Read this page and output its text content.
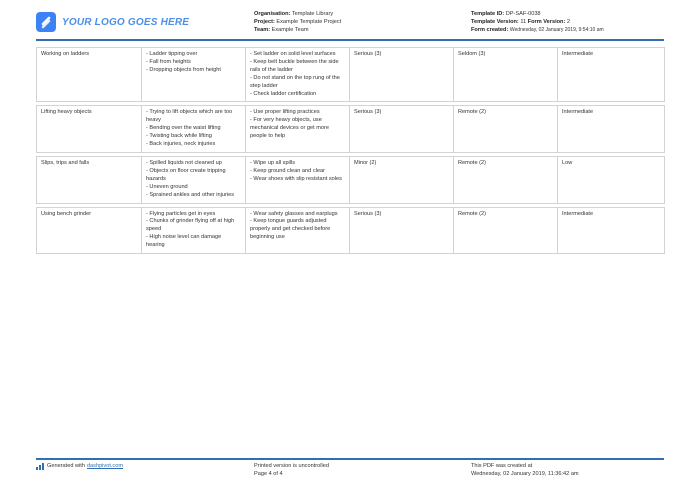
YOUR LOGO GOES HERE
Organisation: Template Library
Project: Example Template Project
Team: Example Team
Template ID: DP-SAF-0038
Template Version: 11 Form Version: 2
Form created: Wednesday, 02 January 2019, 9:54:10 am
Working on ladders	- Ladder tipping over
- Fall from heights
- Dropping objects from height	- Set ladder on solid level surfaces
- Keep belt buckle between the side rails of the ladder
- Do not stand on the top rung of the step ladder
- Check ladder certification	Serious (3)	Seldom (3)	Intermediate

Lifting heavy objects	- Trying to lift objects which are too heavy
- Bending over the waist lifting
- Twisting back while lifting
- Back injuries, neck injuries	- Use proper lifting practices
- For very heavy objects, use mechanical devices or get more people to help	Serious (3)	Remote (2)	Intermediate

Slips, trips and falls	- Spilled liquids not cleaned up
- Objects on floor create tripping hazards
- Uneven ground
- Sprained ankles and other injuries	- Wipe up all spills
- Keep ground clean and clear
- Wear shoes with slip resistant soles	Minor (2)	Remote (2)	Low

Using bench grinder	- Flying particles get in eyes
- Chunks of grinder flying off at high speed
- High noise level can damage hearing	- Wear safety glasses and earplugs
- Keep tongue guards adjusted properly and get checked before beginning use	Serious (3)	Remote (2)	Intermediate
Generated with dashpivot.com	Printed version is uncontrolled
Page 4 of 4
This PDF was created at
Wednesday, 02 January 2019, 11:36:42 am
